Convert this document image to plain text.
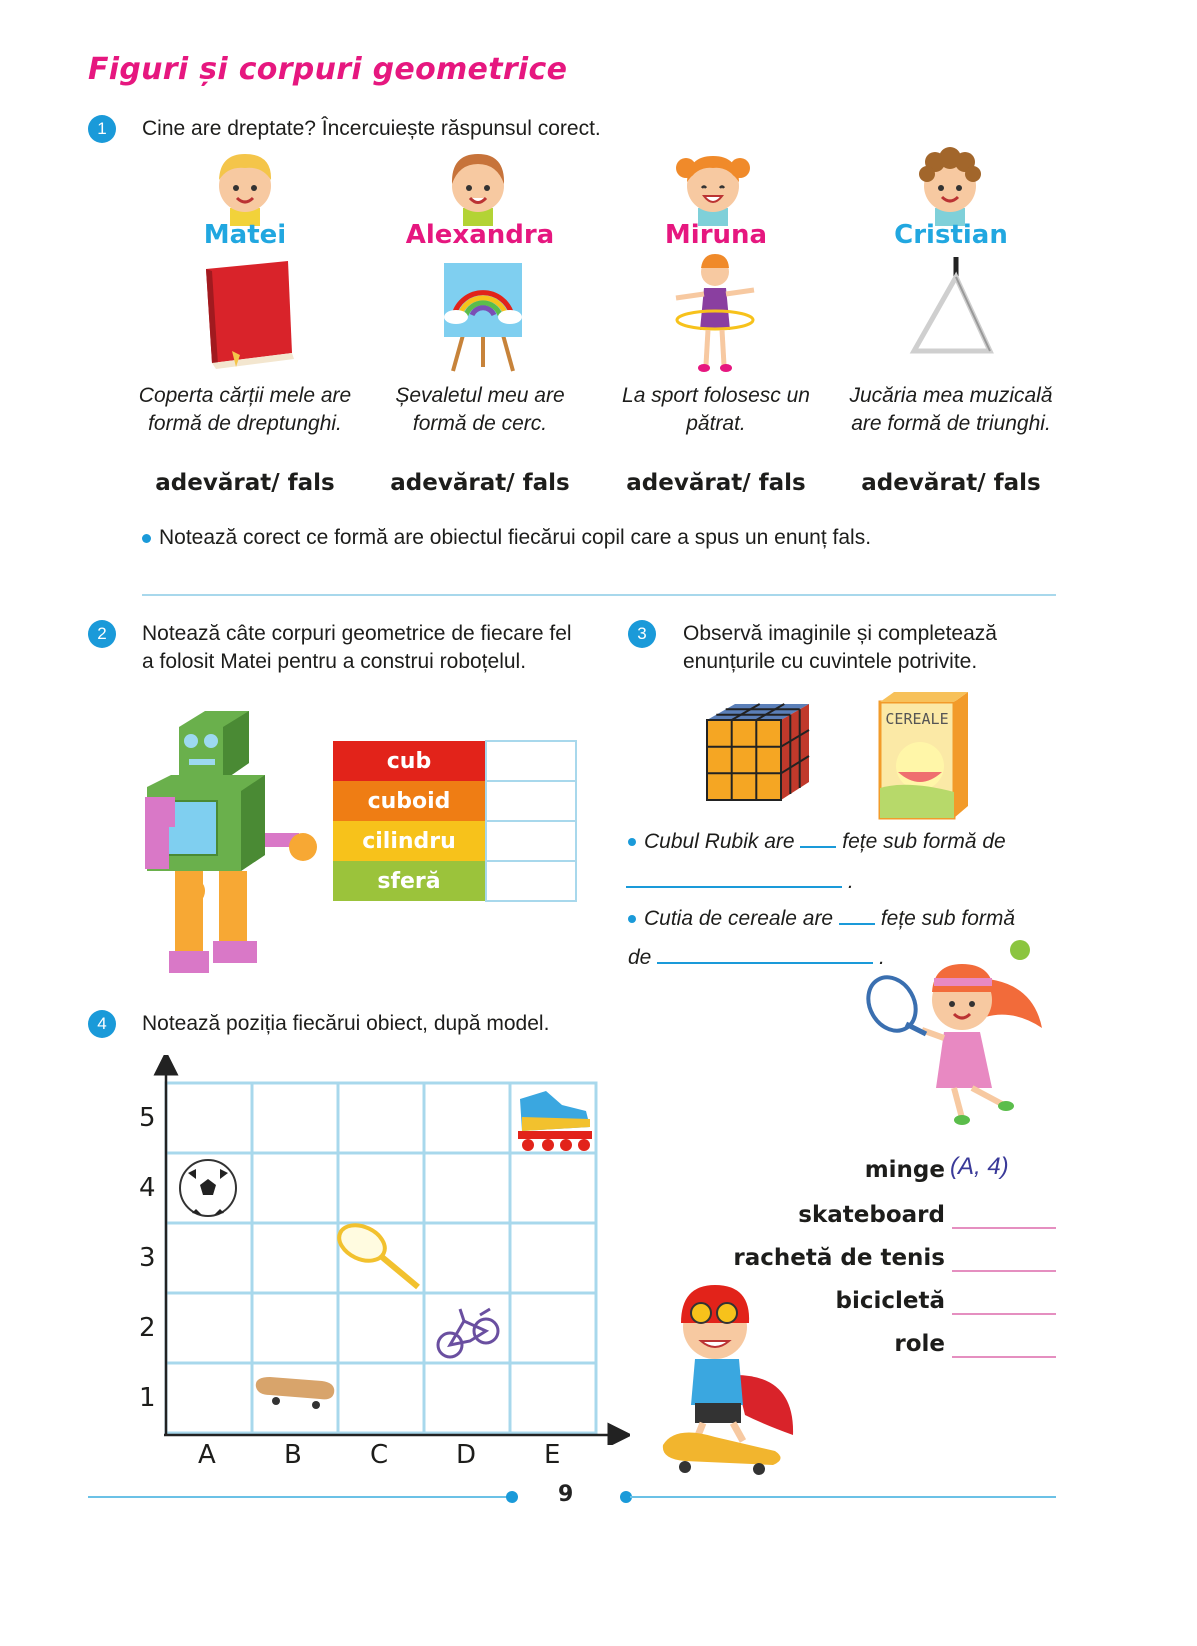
Figuri și corpuri geometrice
1	Cine are dreptate? Încercuiește răspunsul corect.
Matei	Alexandra	Miruna	Cristian
Coperta cărții mele are formă de dreptunghi.
Șevaletul meu are formă de cerc.
La sport folosesc un pătrat.
Jucăria mea muzicală are formă de triunghi.
adevărat/ fals	adevărat/ fals	adevărat/ fals	adevărat/ fals
Notează corect ce formă are obiectul fiecărui copil care a spus un enunț fals.
2	Notează câte corpuri geometrice de fiecare fel a folosit Matei pentru a construi roboțelul.
cub	
cuboid	
cilindru	
sferă	
3	Observă imaginile și completează enunțurile cu cuvintele potrivite.
CEREALE
Cubul Rubik are fețe sub formă de
.
Cutia de cereale are fețe sub formă
de	.
4	Notează poziția fiecărui obiect, după model.
5
4
3
2
1
A	B	C	D	E
minge (A, 4)
skateboard
rachetă de tenis
bicicletă
role
9
